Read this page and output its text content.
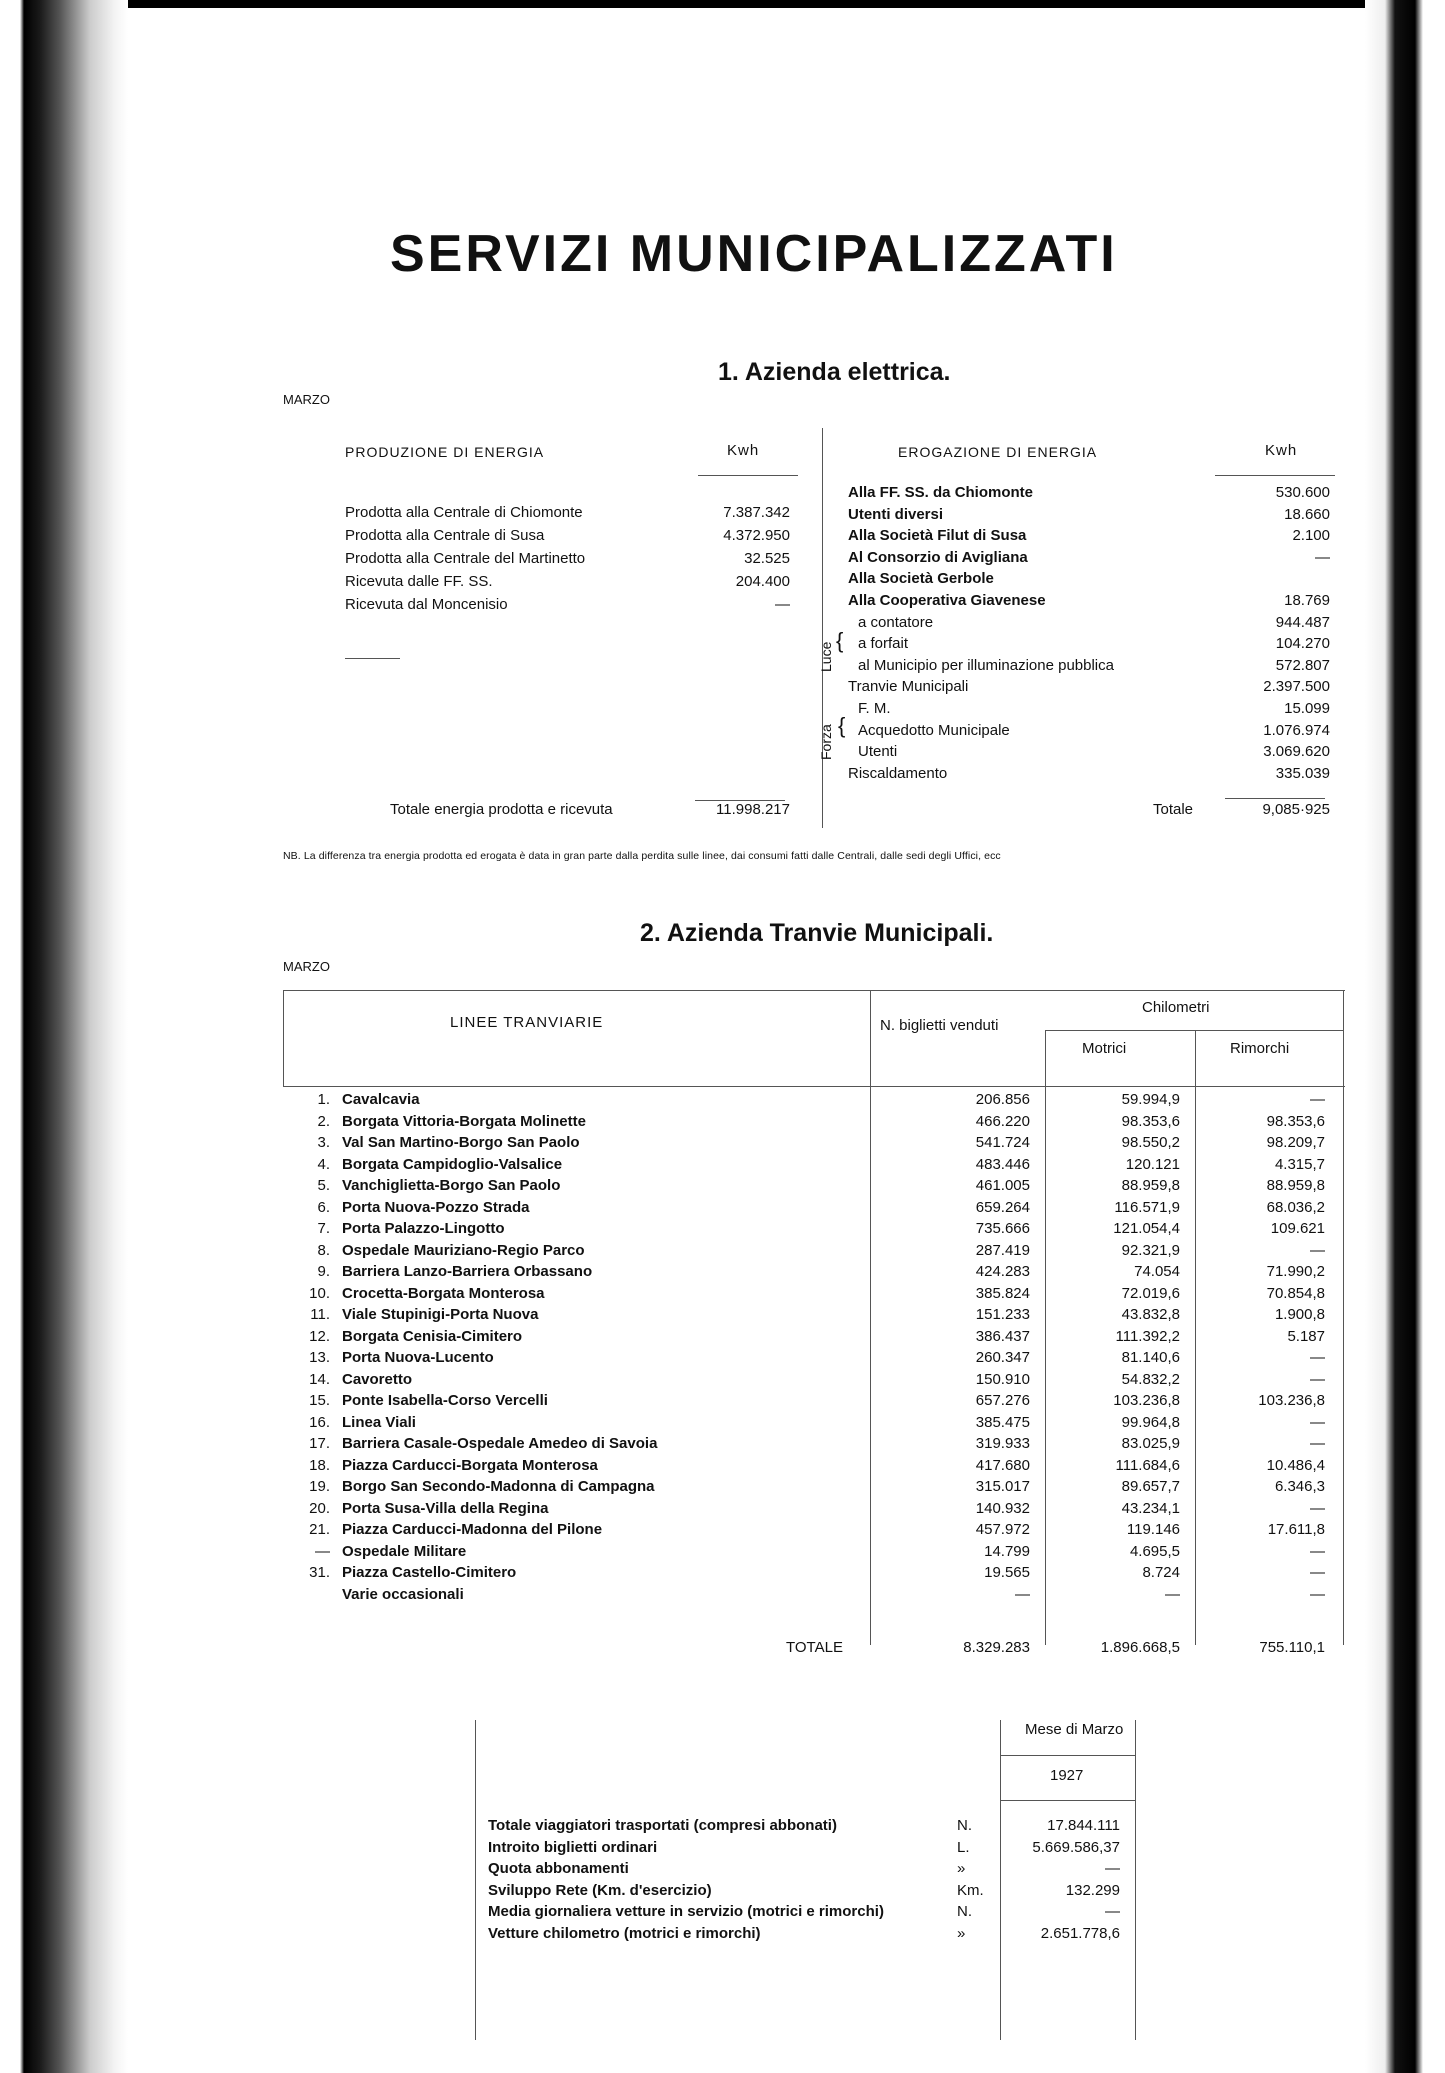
SERVIZI MUNICIPALIZZATI
MARZO
1. Azienda elettrica.
PRODUZIONE DI ENERGIA	Kwh	EROGAZIONE DI ENERGIA	Kwh
Prodotta alla Centrale di Chiomonte	7.387.342
Prodotta alla Centrale di Susa	4.372.950
Prodotta alla Centrale del Martinetto	32.525
Ricevuta dalle FF. SS.	204.400
Ricevuta dal Moncenisio	—
Totale energia prodotta e ricevuta	11.998.217
Alla FF. SS. da Chiomonte	530.600
Utenti diversi	18.660
Alla Società Filut di Susa	2.100
Al Consorzio di Avigliana	—
Alla Società Gerbole
Alla Cooperativa Giavenese	18.769
a contatore	944.487
a forfait	104.270
al Municipio per illuminazione pubblica	572.807
Tranvie Municipali	2.397.500
F. M.	15.099
Acquedotto Municipale	1.076.974
Utenti	3.069.620
Riscaldamento	335.039
Luce
{
Forza {
Totale	9,085·925
NB. La differenza tra energia prodotta ed erogata è data in gran parte dalla perdita sulle linee, dai consumi fatti dalle Centrali, dalle sedi degli Uffici, ecc
2. Azienda Tranvie Municipali.
MARZO
LINEE TRANVIARIE	N. biglietti venduti
Chilometri
Motrici	Rimorchi
1. Cavalcavia	206.856	59.994,9	—
2. Borgata Vittoria-Borgata Molinette	466.220	98.353,6	98.353,6
3. Val San Martino-Borgo San Paolo	541.724	98.550,2	98.209,7
4. Borgata Campidoglio-Valsalice	483.446	120.121	4.315,7
5. Vanchiglietta-Borgo San Paolo	461.005	88.959,8	88.959,8
6. Porta Nuova-Pozzo Strada	659.264	116.571,9	68.036,2
7. Porta Palazzo-Lingotto	735.666	121.054,4	109.621
8. Ospedale Mauriziano-Regio Parco	287.419	92.321,9	—
9. Barriera Lanzo-Barriera Orbassano	424.283	74.054	71.990,2
10. Crocetta-Borgata Monterosa	385.824	72.019,6	70.854,8
11. Viale Stupinigi-Porta Nuova	151.233	43.832,8	1.900,8
12. Borgata Cenisia-Cimitero	386.437	111.392,2	5.187
13. Porta Nuova-Lucento	260.347	81.140,6	—
14. Cavoretto	150.910	54.832,2	—
15. Ponte Isabella-Corso Vercelli	657.276	103.236,8	103.236,8
16. Linea Viali	385.475	99.964,8	—
17. Barriera Casale-Ospedale Amedeo di Savoia	319.933	83.025,9	—
18. Piazza Carducci-Borgata Monterosa	417.680	111.684,6	10.486,4
19. Borgo San Secondo-Madonna di Campagna	315.017	89.657,7	6.346,3
20. Porta Susa-Villa della Regina	140.932	43.234,1	—
21. Piazza Carducci-Madonna del Pilone	457.972	119.146	17.611,8
— Ospedale Militare	14.799	4.695,5	—
31. Piazza Castello-Cimitero	19.565	8.724	—
Varie occasionali	—	—	—
TOTALE	8.329.283	1.896.668,5	755.110,1
Mese di Marzo
1927
Totale viaggiatori trasportati (compresi abbonati)	N.	17.844.111
Introito biglietti ordinari	L.	5.669.586,37
Quota abbonamenti	»	—
Sviluppo Rete (Km. d'esercizio)	Km.	132.299
Media giornaliera vetture in servizio (motrici e rimorchi)	N.	—
Vetture chilometro (motrici e rimorchi)	»	2.651.778,6
